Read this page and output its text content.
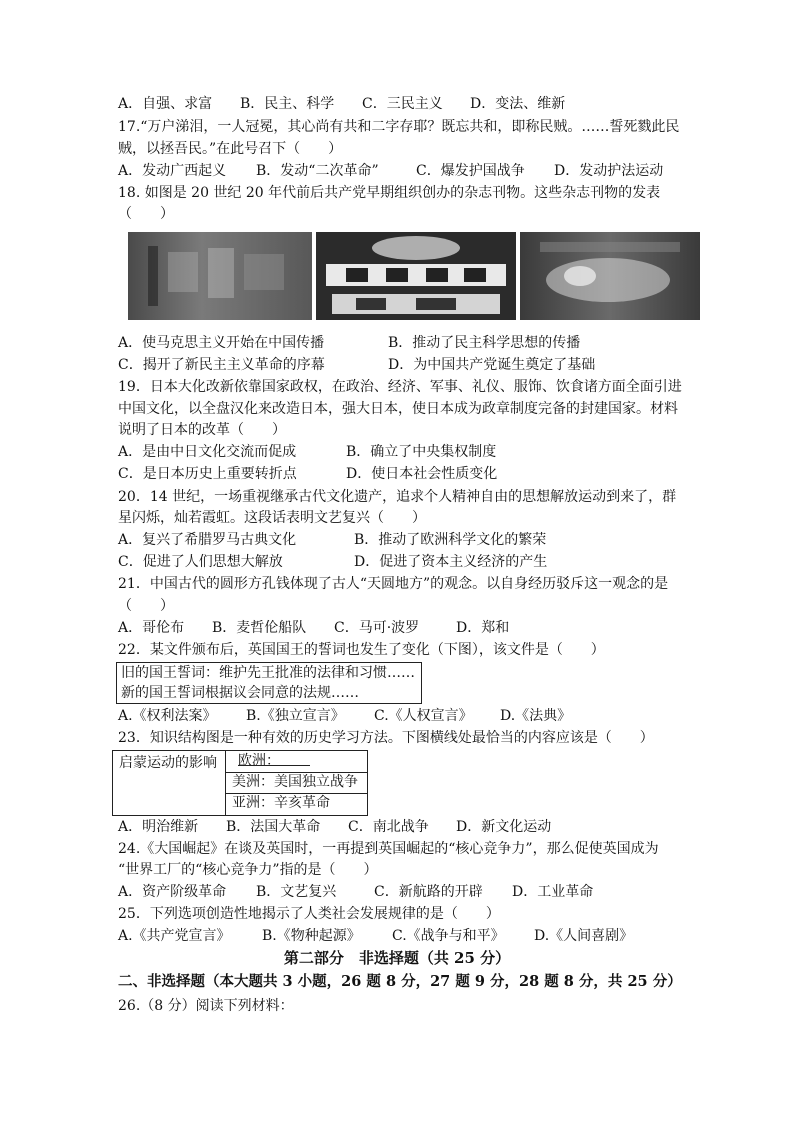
A．自强、求富 B．民主、科学 C．三民主义 D．变法、维新
17.“万户涕泪，一人冠冕，其心尚有共和二字存耶？既忘共和，即称民贼。……誓死戮此民
贼，以拯吾民。”在此号召下（　　）
A．发动广西起义 B．发动“二次革命”	C．爆发护国战争 D．发动护法运动
18. 如图是 20 世纪 20 年代前后共产党早期组织创办的杂志刊物。这些杂志刊物的发表
（　　）
A．使马克思主义开始在中国传播	B．推动了民主科学思想的传播
C．揭开了新民主主义革命的序幕	D．为中国共产党诞生奠定了基础
19．日本大化改新依靠国家政权，在政治、经济、军事、礼仪、服饰、饮食诸方面全面引进
中国文化，以全盘汉化来改造日本，强大日本，使日本成为政章制度完备的封建国家。材料
说明了日本的改革（　　）
A．是由中日文化交流而促成	B．确立了中央集权制度
C．是日本历史上重要转折点	D．使日本社会性质变化
20．14 世纪，一场重视继承古代文化遗产，追求个人精神自由的思想解放运动到来了，群
星闪烁，灿若霞虹。这段话表明文艺复兴（　　）
A．复兴了希腊罗马古典文化	B．推动了欧洲科学文化的繁荣
C．促进了人们思想大解放	D．促进了资本主义经济的产生
21．中国古代的圆形方孔钱体现了古人“天圆地方”的观念。以自身经历驳斥这一观念的是
（　　）
A．哥伦布 B．麦哲伦船队 C．马可·波罗	D．郑和
22．某文件颁布后，英国国王的誓词也发生了变化（下图），该文件是（　　）
旧的国王誓词：维护先王批准的法律和习惯……
新的国王誓词根据议会同意的法规……
A.《权利法案》 B.《独立宣言》 C.《人权宣言》 D.《法典》
23．知识结构图是一种有效的历史学习方法。下图横线处最恰当的内容应该是（　　）
启蒙运动的影响 欧洲：
美洲：美国独立战争
亚洲：辛亥革命
A．明治维新 B．法国大革命 C．南北战争 D．新文化运动
24.《大国崛起》在谈及英国时，一再提到英国崛起的“核心竞争力”，那么促使英国成为
“世界工厂的“核心竞争力”指的是（　　）
A．资产阶级革命 B．文艺复兴	C．新航路的开辟 D．工业革命
25．下列选项创造性地揭示了人类社会发展规律的是（　　）
A.《共产党宣言》 B.《物种起源》 C.《战争与和平》 D.《人间喜剧》
第二部分　非选择题（共 25 分）
二、非选择题（本大题共 3 小题，26 题 8 分，27 题 9 分，28 题 8 分，共 25 分）
26.（8 分）阅读下列材料：
